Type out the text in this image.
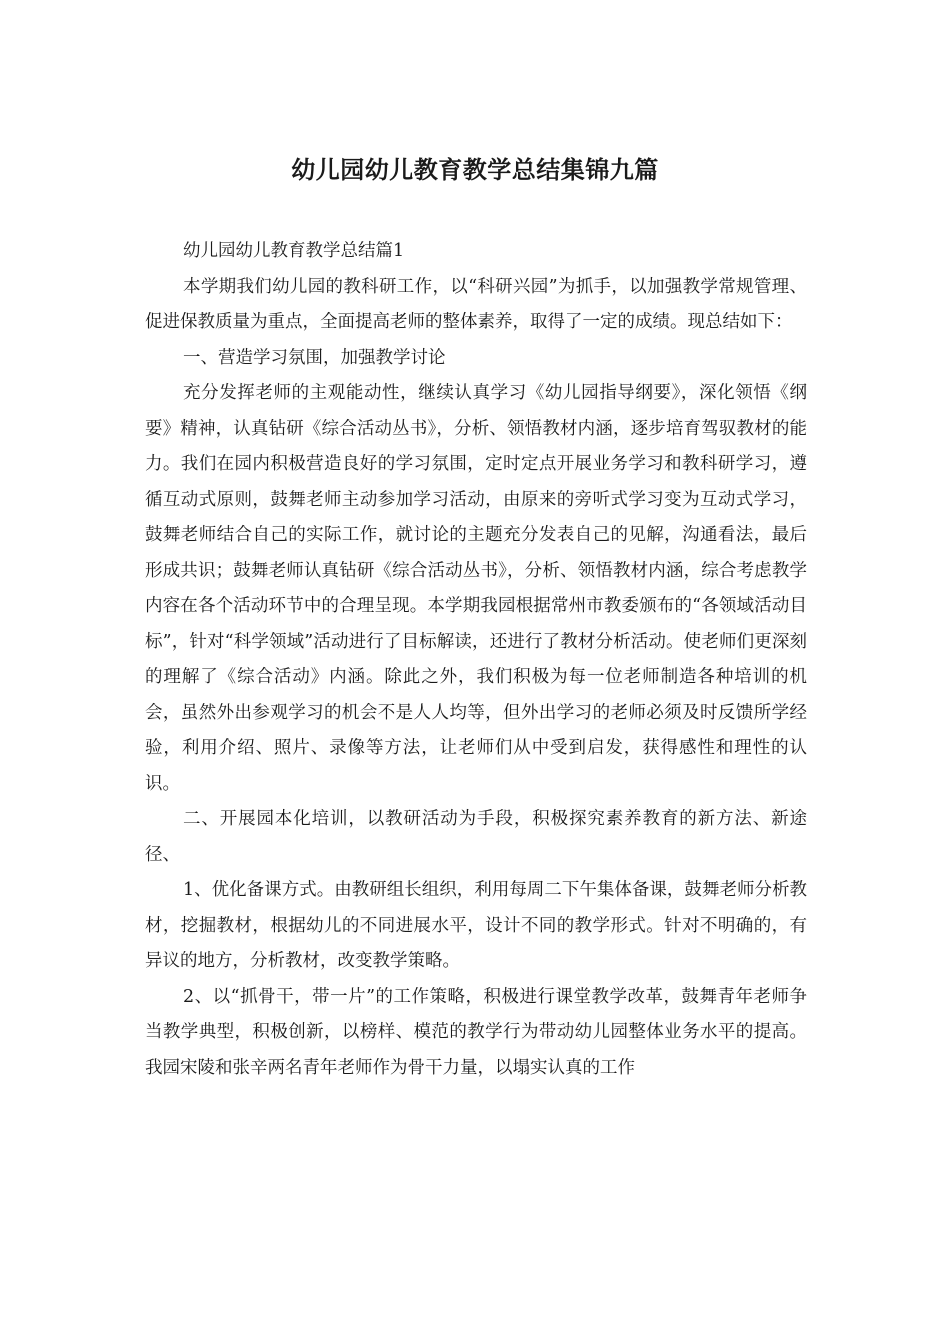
幼儿园幼儿教育教学总结集锦九篇

幼儿园幼儿教育教学总结篇1

本学期我们幼儿园的教科研工作，以“科研兴园”为抓手，以加强教学常规管理、促进保教质量为重点，全面提高老师的整体素养，取得了一定的成绩。现总结如下：

一、营造学习氛围，加强教学讨论

充分发挥老师的主观能动性，继续认真学习《幼儿园指导纲要》，深化领悟《纲要》精神，认真钻研《综合活动丛书》，分析、领悟教材内涵，逐步培育驾驭教材的能力。我们在园内积极营造良好的学习氛围，定时定点开展业务学习和教科研学习，遵循互动式原则，鼓舞老师主动参加学习活动，由原来的旁听式学习变为互动式学习，鼓舞老师结合自己的实际工作，就讨论的主题充分发表自己的见解，沟通看法，最后形成共识；鼓舞老师认真钻研《综合活动丛书》，分析、领悟教材内涵，综合考虑教学内容在各个活动环节中的合理呈现。本学期我园根据常州市教委颁布的“各领域活动目标”，针对“科学领域”活动进行了目标解读，还进行了教材分析活动。使老师们更深刻的理解了《综合活动》内涵。除此之外，我们积极为每一位老师制造各种培训的机会，虽然外出参观学习的机会不是人人均等，但外出学习的老师必须及时反馈所学经验，利用介绍、照片、录像等方法，让老师们从中受到启发，获得感性和理性的认识。

二、开展园本化培训，以教研活动为手段，积极探究素养教育的新方法、新途径、

1、优化备课方式。由教研组长组织，利用每周二下午集体备课，鼓舞老师分析教材，挖掘教材，根据幼儿的不同进展水平，设计不同的教学形式。针对不明确的，有异议的地方，分析教材，改变教学策略。

2、以“抓骨干，带一片”的工作策略，积极进行课堂教学改革，鼓舞青年老师争当教学典型，积极创新，以榜样、模范的教学行为带动幼儿园整体业务水平的提高。我园宋陵和张辛两名青年老师作为骨干力量，以塌实认真的工作
